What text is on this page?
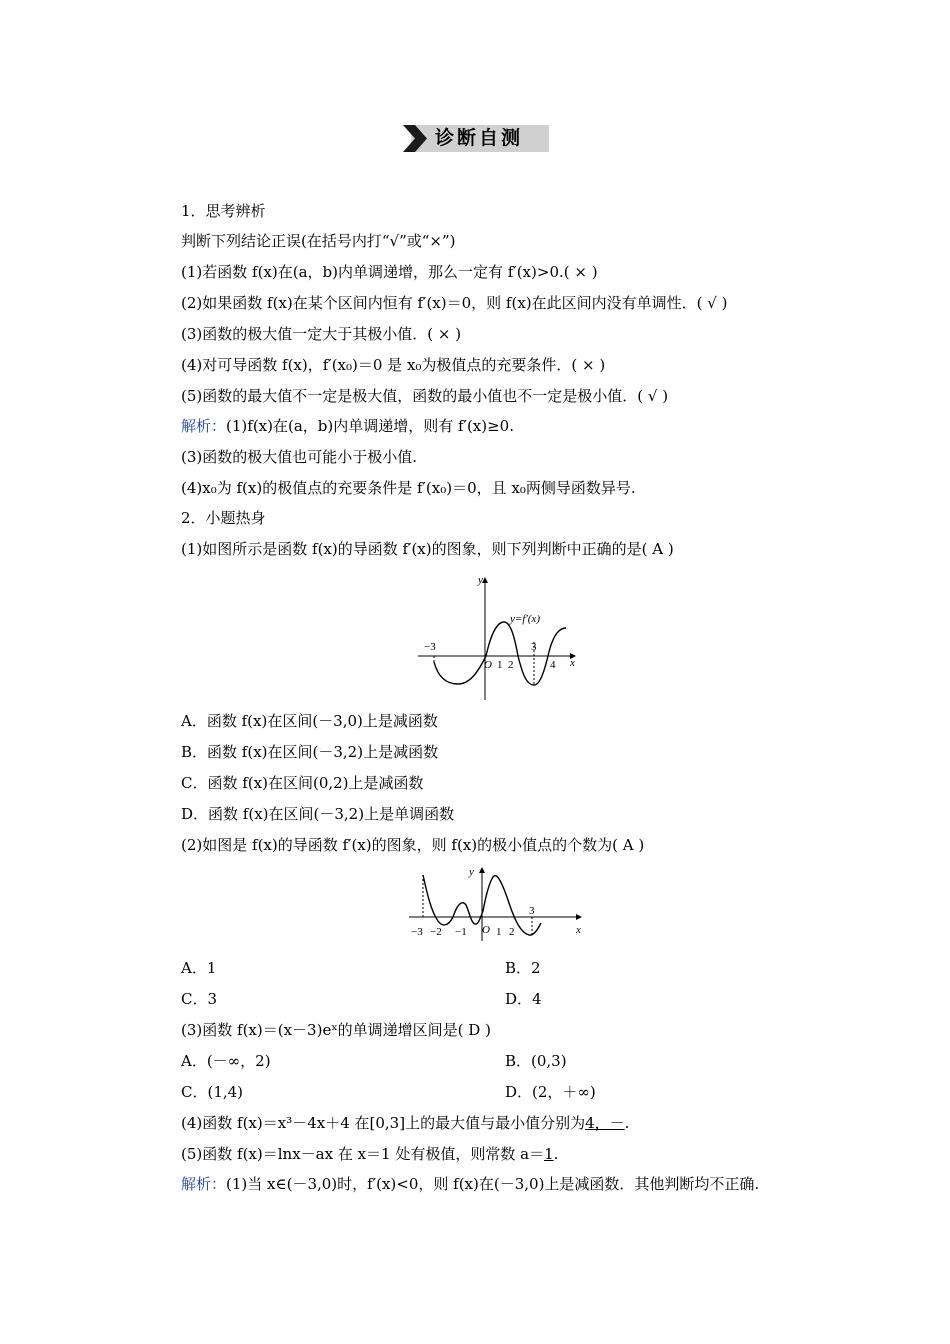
诊断自测
1．思考辨析
判断下列结论正误(在括号内打“√”或“×”)
(1)若函数 f(x)在(a，b)内单调递增，那么一定有 f′(x)>0.( × )
(2)如果函数 f(x)在某个区间内恒有 f′(x)＝0，则 f(x)在此区间内没有单调性．( √ )
(3)函数的极大值一定大于其极小值．( × )
(4)对可导函数 f(x)，f′(x₀)＝0 是 x₀为极值点的充要条件．( × )
(5)函数的最大值不一定是极大值，函数的最小值也不一定是极小值．( √ )
解析：(1)f(x)在(a，b)内单调递增，则有 f′(x)≥0.
(3)函数的极大值也可能小于极小值.
(4)x₀为 f(x)的极值点的充要条件是 f′(x₀)＝0，且 x₀两侧导函数异号.
2．小题热身
(1)如图所示是函数 f(x)的导函数 f′(x)的图象，则下列判断中正确的是( A )
y
x
y=f′(x)
−3
O 1 2
3
4
A．函数 f(x)在区间(－3,0)上是减函数
B．函数 f(x)在区间(－3,2)上是减函数
C．函数 f(x)在区间(0,2)上是减函数
D．函数 f(x)在区间(－3,2)上是单调函数
(2)如图是 f(x)的导函数 f′(x)的图象，则 f(x)的极小值点的个数为( A )
y
x
−3 −2 −1 O 1 2
3
A．1	B．2
C．3	D．4
(3)函数 f(x)＝(x－3)eˣ的单调递增区间是( D )
A．(－∞，2)	B．(0,3)
C．(1,4)	D．(2，＋∞)
(4)函数 f(x)＝x³－4x＋4 在[0,3]上的最大值与最小值分别为4，－.
(5)函数 f(x)＝lnx－ax 在 x＝1 处有极值，则常数 a＝1.
解析：(1)当 x∈(－3,0)时，f′(x)<0，则 f(x)在(－3,0)上是减函数．其他判断均不正确.
